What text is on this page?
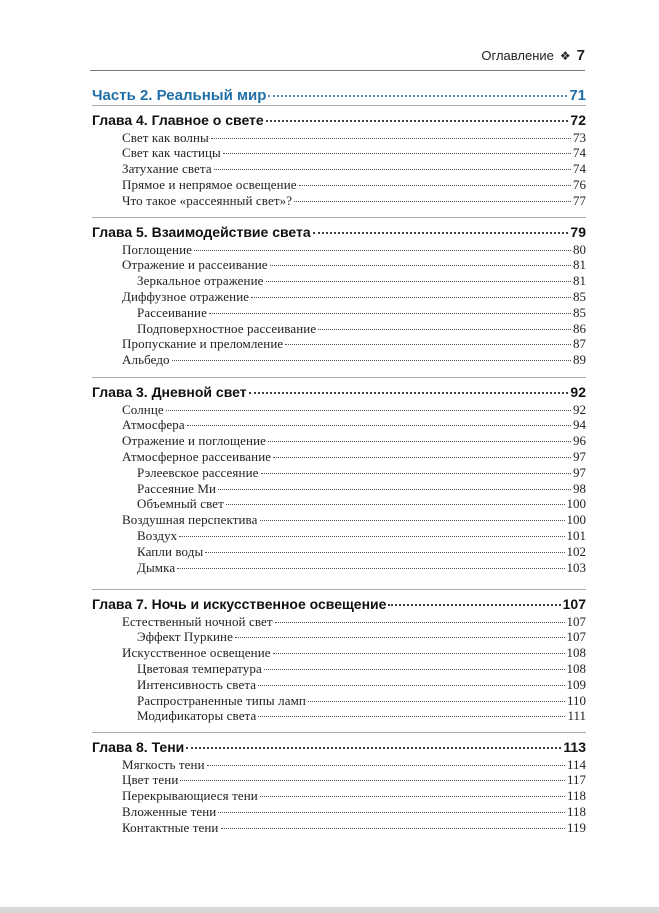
Оглавление ❖ 7
Часть 2. Реальный мир	71
Глава 4. Главное о свете	72
Свет как волны	73
Свет как частицы	74
Затухание света	74
Прямое и непрямое освещение	76
Что такое «рассеянный свет»?	77
Глава 5. Взаимодействие света	79
Поглощение	80
Отражение и рассеивание	81
Зеркальное отражение	81
Диффузное отражение	85
Рассеивание	85
Подповерхностное рассеивание	86
Пропускание и преломление	87
Альбедо	89
Глава 3. Дневной свет	92
Солнце	92
Атмосфера	94
Отражение и поглощение	96
Атмосферное рассеивание	97
Рэлеевское рассеяние	97
Рассеяние Ми	98
Объемный свет	100
Воздушная перспектива	100
Воздух	101
Капли воды	102
Дымка	103
Глава 7. Ночь и искусственное освещение	107
Естественный ночной свет	107
Эффект Пуркине	107
Искусственное освещение	108
Цветовая температура	108
Интенсивность света	109
Распространенные типы ламп	110
Модификаторы света	111
Глава 8. Тени	113
Мягкость тени	114
Цвет тени	117
Перекрывающиеся тени	118
Вложенные тени	118
Контактные тени	119
